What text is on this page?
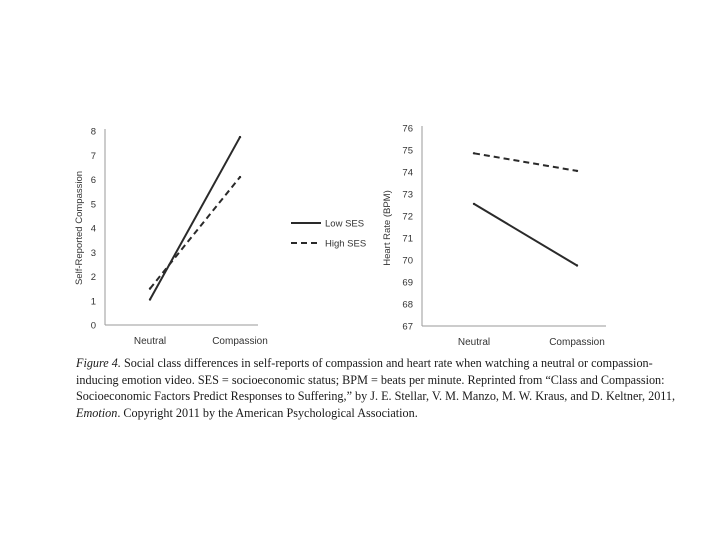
0
1
2
3
4
5
6
7
8
Neutral	Compassion
Self-Reported Compassion	Low SES
High SES
67
68
69
70
71
72
73
74
75
76
Neutral	Compassion
Heart Rate (BPM)
Figure 4. Social class differences in self-reports of compassion and heart rate when watching a neutral or compassion-inducing emotion video. SES = socioeconomic status; BPM = beats per minute. Reprinted from “Class and Compassion: Socioeconomic Factors Predict Responses to Suffering,” by J. E. Stellar, V. M. Manzo, M. W. Kraus, and D. Keltner, 2011, Emotion. Copyright 2011 by the American Psychological Association.
